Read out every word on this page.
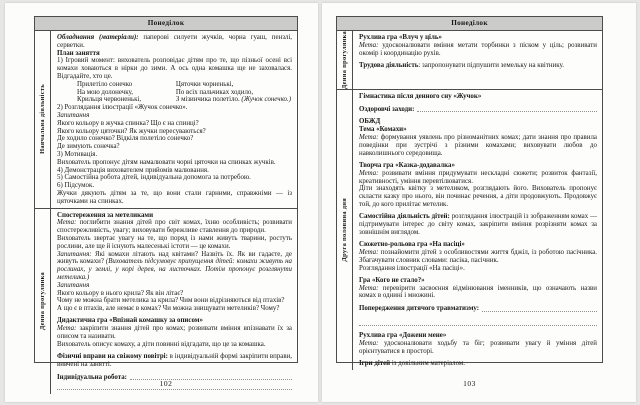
Понеділок
Навчальна діяльність
Обладнання (матеріали): паперові силуети жучків, чорна гуаш, пензлі, серветки.
План заняття
1) Ігровий момент: вихователь розповідає дітям про те, що пізньої осені всі комахи ховаються в нірки до зими. А ось одна комашка ще не заховалася. Відгадайте, хто це.
Прилетіло сонечко	Цяточки чорненькі,
На мою долонечку,	По всіх пальчиках ходило,
Крильця червоненькі,	З мізинчика полетіло. (Жучок сонечко.)
2) Розглядання ілюстрації «Жучок сонечко».
Запитання
Якого кольору в жучка спинка? Що є на спинці?
Якого кольору цяточки? Як жучки пересуваються?
Де ходило сонечко? Відкіля полетіло сонечко?
Де зимують сонечка?
3) Мотивація.
Вихователь пропонує дітям намалювати чорні цяточки на спинках жучків.
4) Демонстрація вихователем прийомів малювання.
5) Самостійна робота дітей, індивідуальна допомога за потребою.
6) Підсумок.
Жучки дякують дітям за те, що вони стали гарними, справжніми — із цяточками на спинках.
Денна прогулянка
Спостереження за метеликами
Мета: поглибити знання дітей про світ комах, їхню особливість; розвивати спостережливість, увагу; виховувати бережливе ставлення до природи.
Вихователь звертає увагу на те, що поряд із нами живуть тварини, ростуть рослини, але ще й існують малесенькі істоти — це комахи.
Запитання: Які комахи літають над квітами? Назвіть їх. Як ви гадаєте, де живуть комахи? (Вихователь підсумовує припущення дітей: комахи живуть на рослинах, у землі, у корі дерев, на листочках. Потім пропонує розглянути метелика.)
Запитання
Якого кольору в нього крила? Як він літає?
Чому не можна брати метелика за крила? Чим вони відрізняються від птахів?
А що є в птахів, але немає в комах? Чи можна знищувати метеликів? Чому?
Дидактична гра «Впізнай комашку за описом»
Мета: закріпити знання дітей про комах; розвивати вміння впізнавати їх за описом та називати.
Вихователь описує комаху, а діти повинні відгадати, що це за комашка.
Фізичні вправи на свіжому повітрі: в індивідуальній формі закріпити вправи, вивчені на занятті.
Індивідуальна робота:
102
Понеділок
Денна прогулянка Рухлива гра «Влуч у ціль»
Мета: удосконалювати вміння метати торбинки з піском у ціль; розвивати окомір і координацію рухів.
Трудова діяльність: запропонувати підпушити земельку на квітнику.
Друга половина дня
Гімнастика після денного сну «Жучок»
Оздоровчі заходи:
ОБЖД
Тема «Комахи»
Мета: формування уявлень про різноманітних комах; дати знання про правила поведінки при зустрічі з різними комахами; виховувати любов до навколишнього середовища.
Творча гра «Казка-додавалка»
Мета: розвивати вміння придумувати нескладні сюжети; розвиток фантазії, креативності, уміння перевтілюватися.
Діти знаходять квітку з метеликом, розглядають його. Вихователь пропонує скласти казку про нього, він починає речення, а діти продовжують. Продовжує той, до кого прилітає метелик.
Самостійна діяльність дітей: розглядання ілюстрацій із зображенням комах — підтримувати інтерес до світу комах, закріпити вміння розрізняти комах за зовнішнім виглядом.
Сюжетно-рольова гра «На пасіці»
Мета: познайомити дітей з особливостями життя бджіл, із роботою пасічника. Збагачувати словник словами: пасіка, пасічник.
Розглядання ілюстрації «На пасіці».
Гра «Кого не стало?»
Мета: перевірити засвоєння відмінювання іменників, що означають назви комах в однині і множині.
Попередження дитячого травматизму:
Рухлива гра «Дожени мене»
Мета: удосконалювати ходьбу та біг; розвивати увагу й уміння дітей орієнтуватися в просторі.
Ігри дітей із довільним матеріалом.
103
